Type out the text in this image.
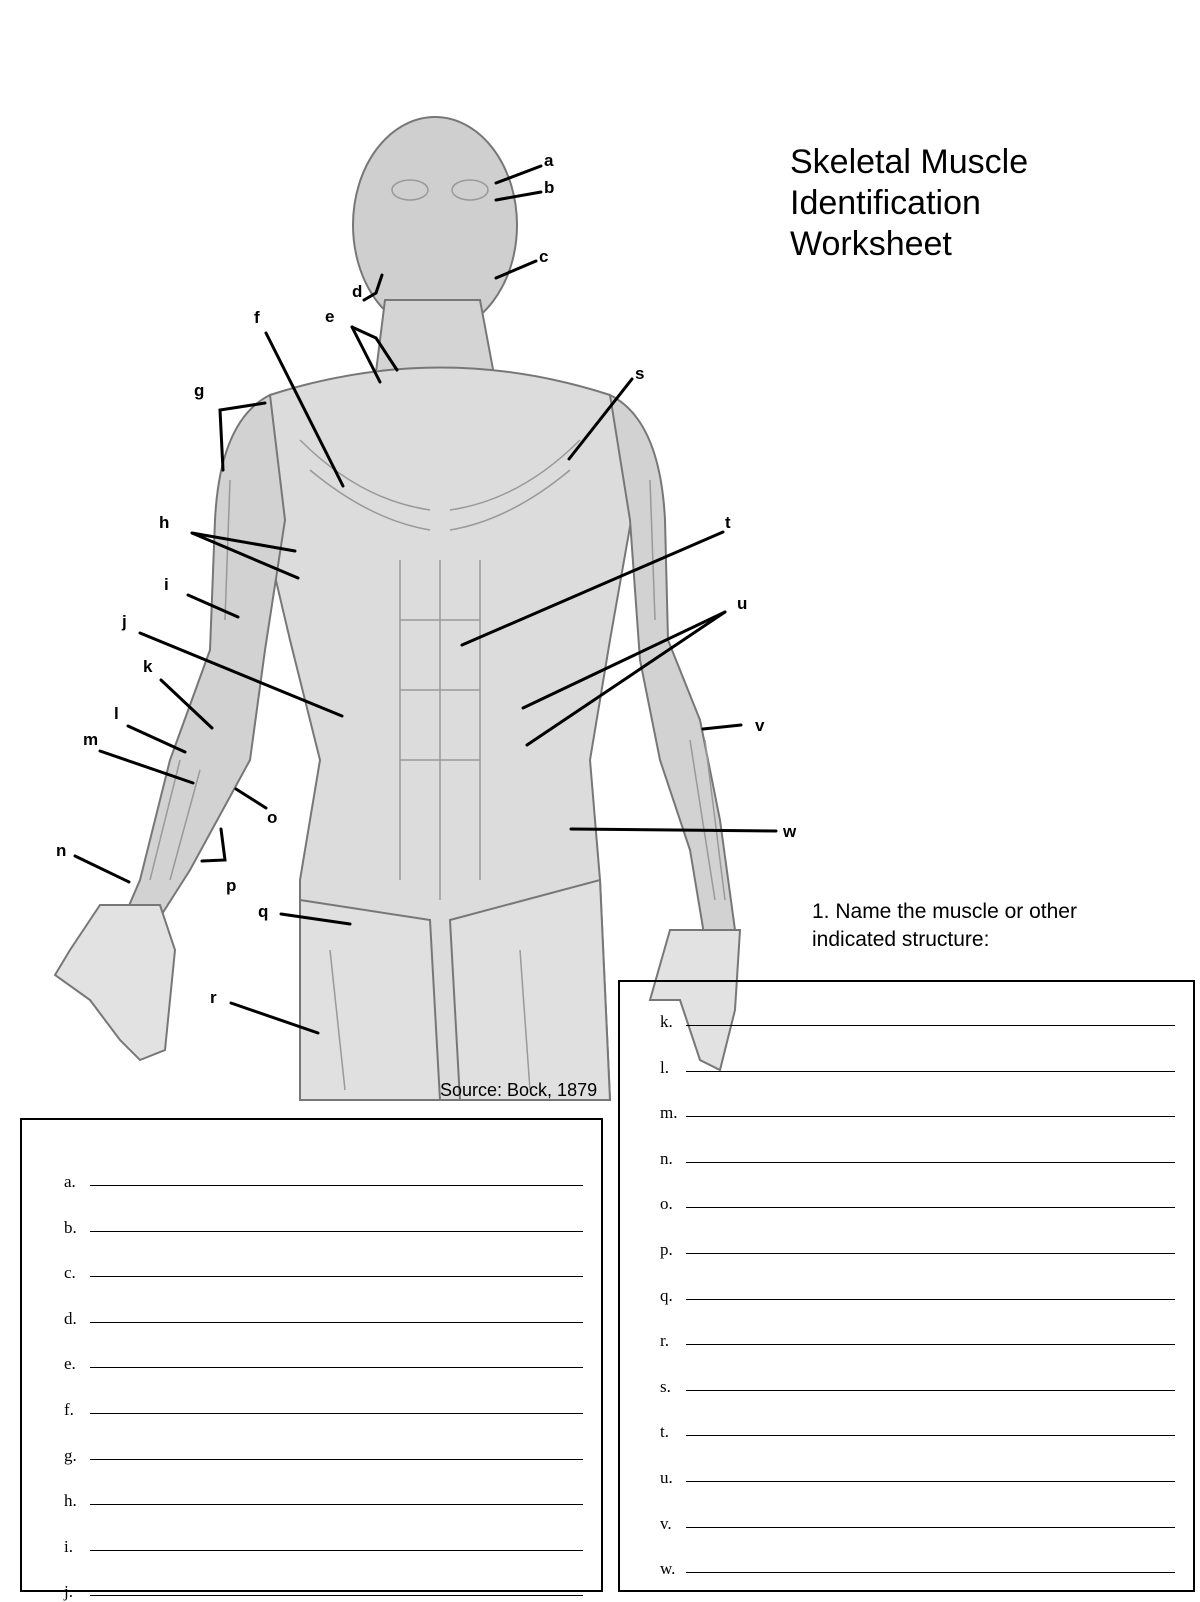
a
b
c
d
e
f
g
h
i
j
k
l
m
n
o
p
q
r
s
t
u
v
w
Skeletal Muscle
Identification
Worksheet
1. Name the muscle or other
indicated structure:
Source: Bock, 1879
a.
b.
c.
d.
e.
f.
g.
h.
i.
j.
k.
l.
m.
n.
o.
p.
q.
r.
s.
t.
u.
v.
w.
